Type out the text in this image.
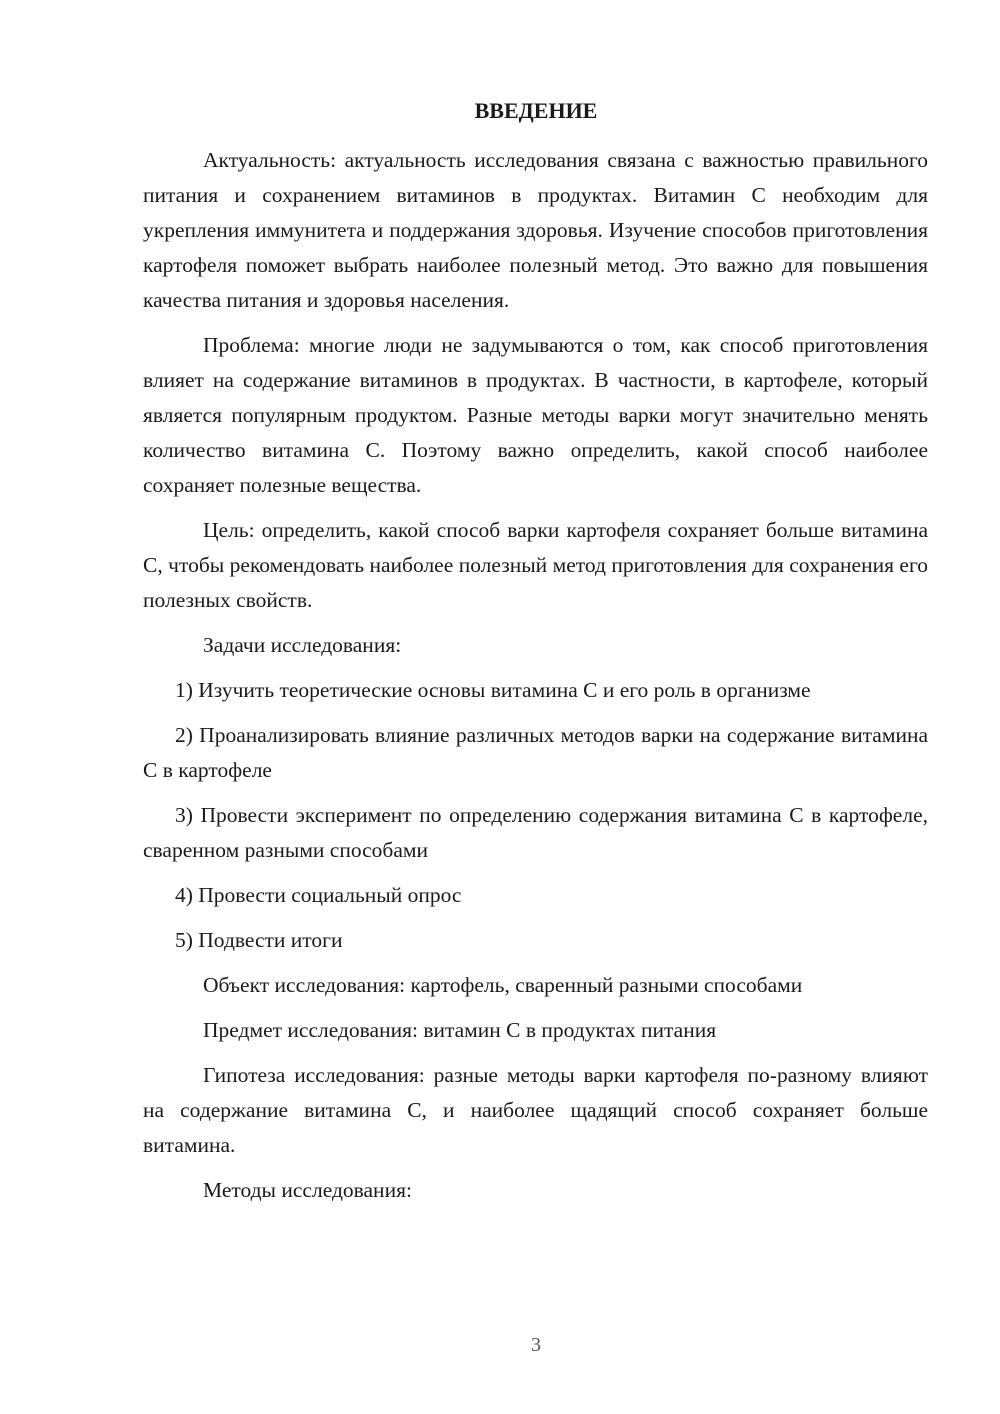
ВВЕДЕНИЕ

Актуальность: актуальность исследования связана с важностью правильного питания и сохранением витаминов в продуктах. Витамин С необходим для укрепления иммунитета и поддержания здоровья. Изучение способов приготовления картофеля поможет выбрать наиболее полезный метод. Это важно для повышения качества питания и здоровья населения.

Проблема: многие люди не задумываются о том, как способ приготовления влияет на содержание витаминов в продуктах. В частности, в картофеле, который является популярным продуктом. Разные методы варки могут значительно менять количество витамина С. Поэтому важно определить, какой способ наиболее сохраняет полезные вещества.

Цель: определить, какой способ варки картофеля сохраняет больше витамина С, чтобы рекомендовать наиболее полезный метод приготовления для сохранения его полезных свойств.

Задачи исследования:

1) Изучить теоретические основы витамина С и его роль в организме

2) Проанализировать влияние различных методов варки на содержание витамина С в картофеле

3) Провести эксперимент по определению содержания витамина С в картофеле, сваренном разными способами

4) Провести социальный опрос

5) Подвести итоги

Объект исследования: картофель, сваренный разными способами

Предмет исследования: витамин С в продуктах питания

Гипотеза исследования: разные методы варки картофеля по-разному влияют на содержание витамина С, и наиболее щадящий способ сохраняет больше витамина.

Методы исследования:

3
